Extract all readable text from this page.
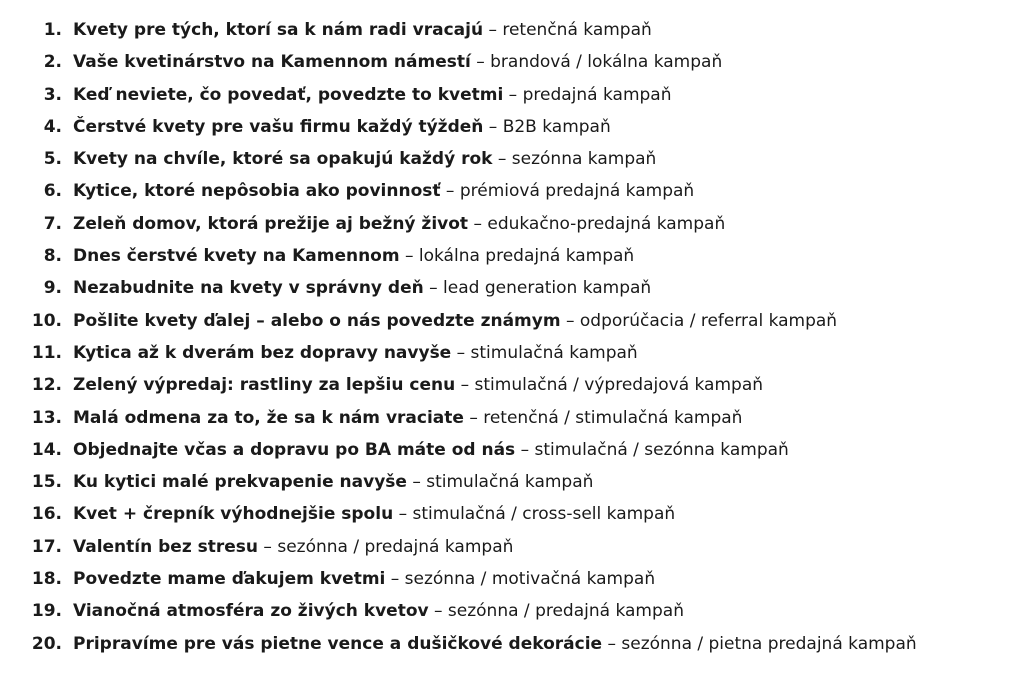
1. Kvety pre tých, ktorí sa k nám radi vracajú – retenčná kampaň
2. Vaše kvetinárstvo na Kamennom námestí – brandová / lokálna kampaň
3. Keď neviete, čo povedať, povedzte to kvetmi – predajná kampaň
4. Čerstvé kvety pre vašu firmu každý týždeň – B2B kampaň
5. Kvety na chvíle, ktoré sa opakujú každý rok – sezónna kampaň
6. Kytice, ktoré nepôsobia ako povinnosť – prémiová predajná kampaň
7. Zeleň domov, ktorá prežije aj bežný život – edukačno-predajná kampaň
8. Dnes čerstvé kvety na Kamennom – lokálna predajná kampaň
9. Nezabudnite na kvety v správny deň – lead generation kampaň
10. Pošlite kvety ďalej – alebo o nás povedzte známym – odporúčacia / referral kampaň
11. Kytica až k dverám bez dopravy navyše – stimulačná kampaň
12. Zelený výpredaj: rastliny za lepšiu cenu – stimulačná / výpredajová kampaň
13. Malá odmena za to, že sa k nám vraciate – retenčná / stimulačná kampaň
14. Objednajte včas a dopravu po BA máte od nás – stimulačná / sezónna kampaň
15. Ku kytici malé prekvapenie navyše – stimulačná kampaň
16. Kvet + črepník výhodnejšie spolu – stimulačná / cross-sell kampaň
17. Valentín bez stresu – sezónna / predajná kampaň
18. Povedzte mame ďakujem kvetmi – sezónna / motivačná kampaň
19. Vianočná atmosféra zo živých kvetov – sezónna / predajná kampaň
20. Pripravíme pre vás pietne vence a dušičkové dekorácie – sezónna / pietna predajná kampaň
